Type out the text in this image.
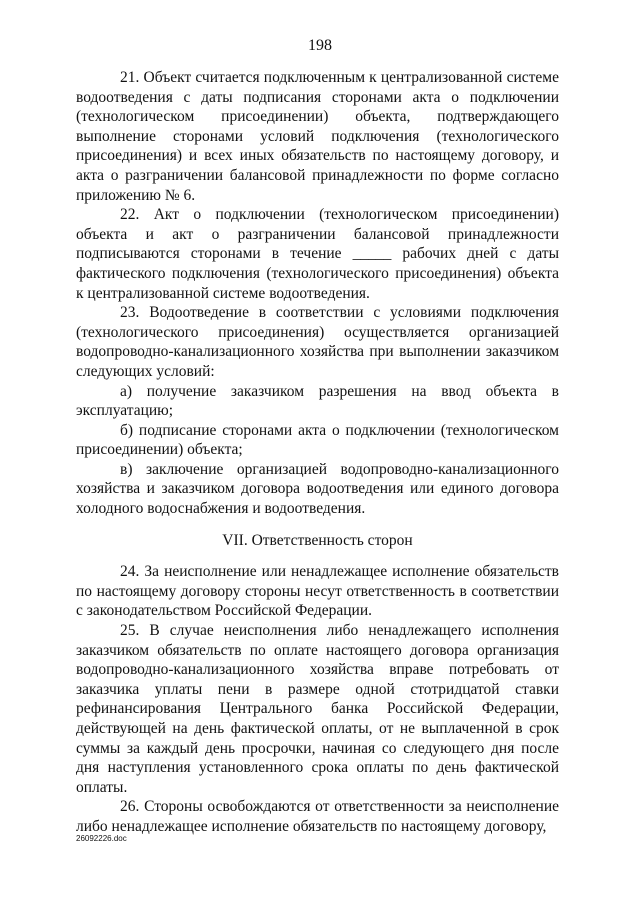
198

21. Объект считается подключенным к централизованной системе водоотведения с даты подписания сторонами акта о подключении (технологическом присоединении) объекта, подтверждающего выполнение сторонами условий подключения (технологического присоединения) и всех иных обязательств по настоящему договору, и акта о разграничении балансовой принадлежности по форме согласно приложению № 6.

22. Акт о подключении (технологическом присоединении) объекта и акт о разграничении балансовой принадлежности подписываются сторонами в течение _____ рабочих дней с даты фактического подключения (технологического присоединения) объекта к централизованной системе водоотведения.

23. Водоотведение в соответствии с условиями подключения (технологического присоединения) осуществляется организацией водопроводно-канализационного хозяйства при выполнении заказчиком следующих условий:

а) получение заказчиком разрешения на ввод объекта в эксплуатацию;

б) подписание сторонами акта о подключении (технологическом присоединении) объекта;

в) заключение организацией водопроводно-канализационного хозяйства и заказчиком договора водоотведения или единого договора холодного водоснабжения и водоотведения.

VII. Ответственность сторон

24. За неисполнение или ненадлежащее исполнение обязательств по настоящему договору стороны несут ответственность в соответствии с законодательством Российской Федерации.

25. В случае неисполнения либо ненадлежащего исполнения заказчиком обязательств по оплате настоящего договора организация водопроводно-канализационного хозяйства вправе потребовать от заказчика уплаты пени в размере одной стотридцатой ставки рефинансирования Центрального банка Российской Федерации, действующей на день фактической оплаты, от не выплаченной в срок суммы за каждый день просрочки, начиная со следующего дня после дня наступления установленного срока оплаты по день фактической оплаты.

26. Стороны освобождаются от ответственности за неисполнение либо ненадлежащее исполнение обязательств по настоящему договору,

26092226.doc
